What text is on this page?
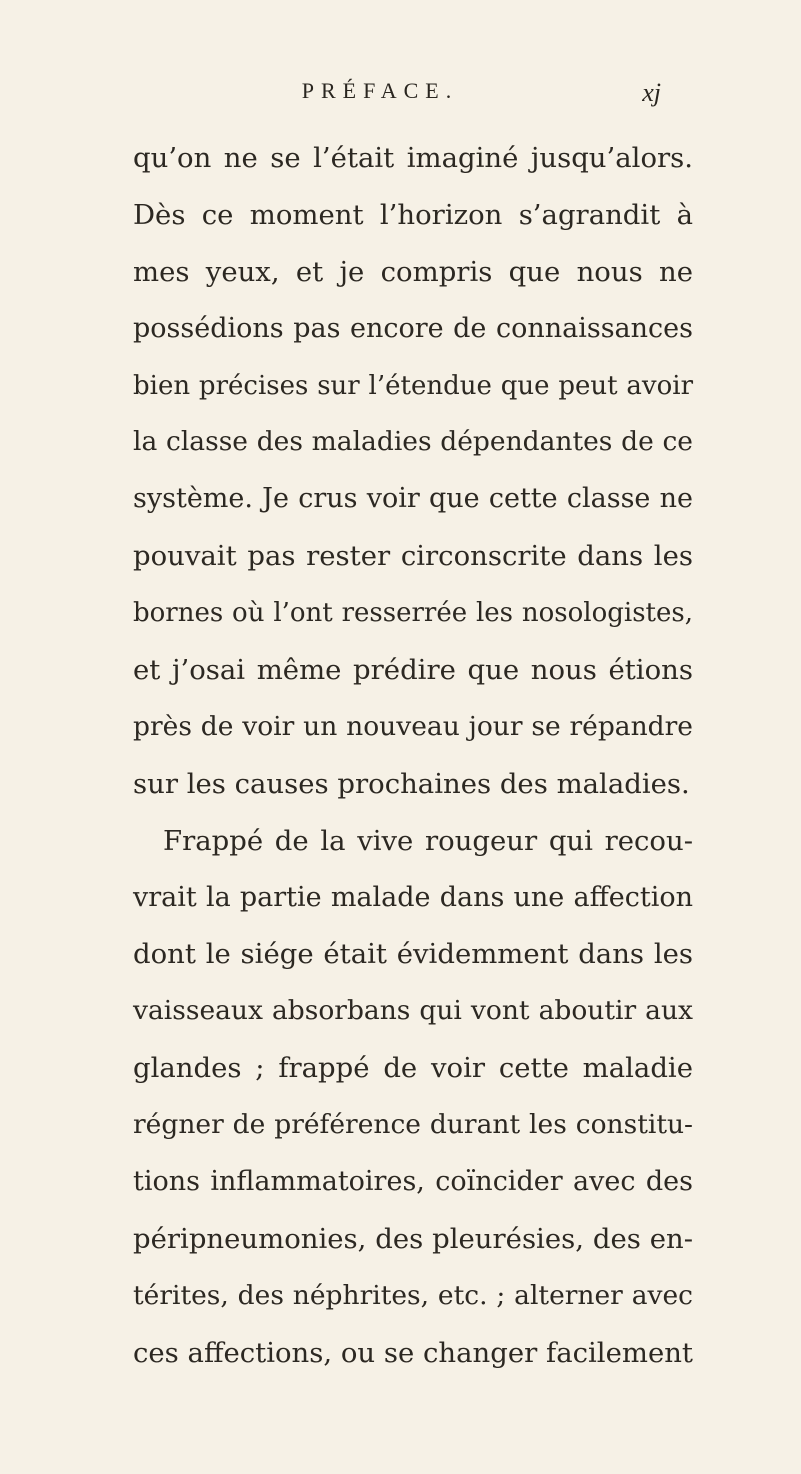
PRÉFACE.	xj
qu’on ne se l’était imaginé jusqu’alors.
Dès ce moment l’horizon s’agrandit à
mes yeux, et je compris que nous ne
possédions pas encore de connaissances
bien précises sur l’étendue que peut avoir
la classe des maladies dépendantes de ce
système. Je crus voir que cette classe ne
pouvait pas rester circonscrite dans les
bornes où l’ont resserrée les nosologistes,
et j’osai même prédire que nous étions
près de voir un nouveau jour se répandre
sur les causes prochaines des maladies.
Frappé de la vive rougeur qui recou-
vrait la partie malade dans une affection
dont le siége était évidemment dans les
vaisseaux absorbans qui vont aboutir aux
glandes ; frappé de voir cette maladie
régner de préférence durant les constitu-
tions inflammatoires, coïncider avec des
péripneumonies, des pleurésies, des en-
térites, des néphrites, etc. ; alterner avec
ces affections, ou se changer facilement
